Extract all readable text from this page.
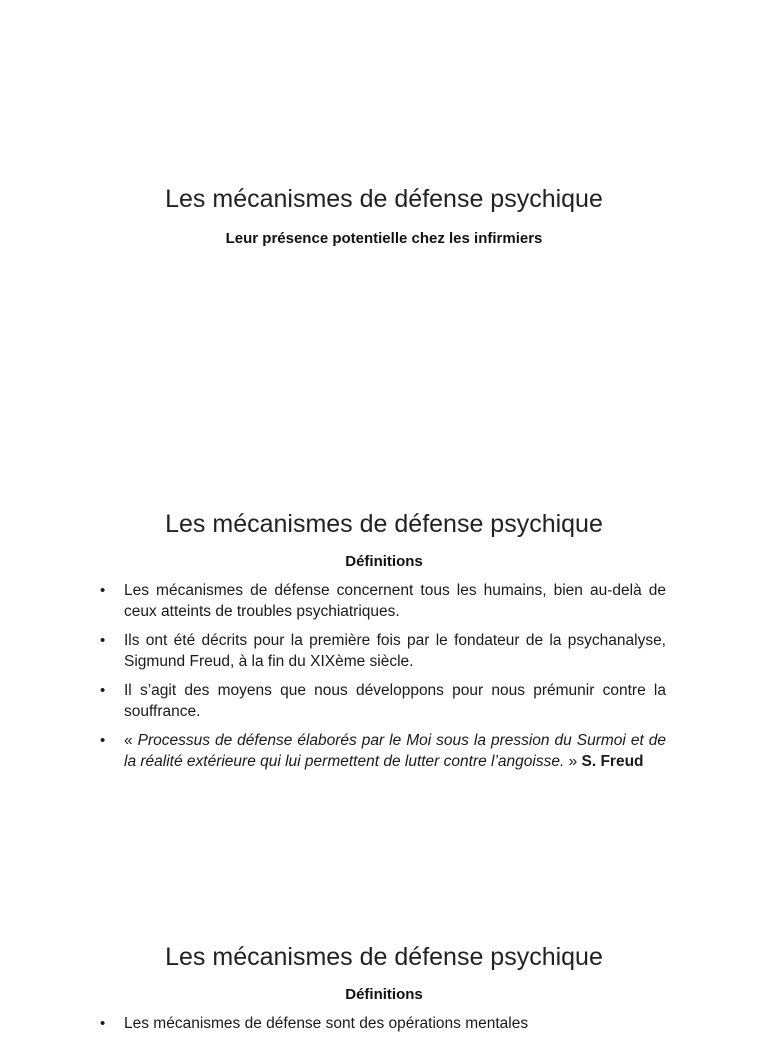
Les mécanismes de défense psychique
Leur présence potentielle chez les infirmiers
Les mécanismes de défense psychique
Définitions
• Les mécanismes de défense concernent tous les humains, bien au-delà de ceux atteints de troubles psychiatriques.
• Ils ont été décrits pour la première fois par le fondateur de la psychanalyse, Sigmund Freud, à la fin du XIXème siècle.
• Il s’agit des moyens que nous développons pour nous prémunir contre la souffrance.
• « Processus de défense élaborés par le Moi sous la pression du Surmoi et de la réalité extérieure qui lui permettent de lutter contre l’angoisse. » S. Freud
Les mécanismes de défense psychique
Définitions
• Les mécanismes de défense sont des opérations mentales
